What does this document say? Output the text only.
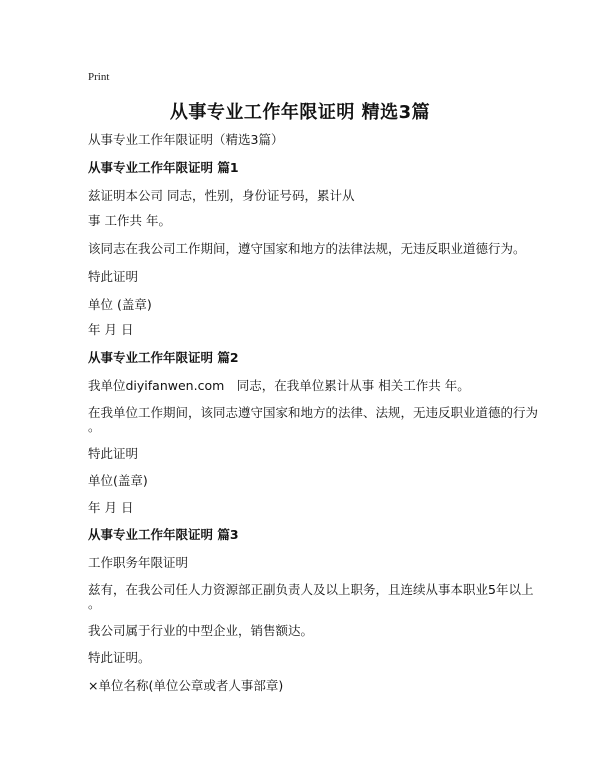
Print
从事专业工作年限证明 精选3篇
从事专业工作年限证明（精选3篇）
从事专业工作年限证明 篇1
兹证明本公司 同志，性别，身份证号码，累计从
事 工作共 年。
该同志在我公司工作期间，遵守国家和地方的法律法规，无违反职业道德行为。
特此证明
单位 (盖章)
年 月 日
从事专业工作年限证明 篇2
我单位diyifanwen.com　同志，在我单位累计从事 相关工作共 年。
在我单位工作期间，该同志遵守国家和地方的法律、法规，无违反职业道德的行为
。
特此证明
单位(盖章)
年 月 日
从事专业工作年限证明 篇3
工作职务年限证明
兹有，在我公司任人力资源部正副负责人及以上职务，且连续从事本职业5年以上
。
我公司属于行业的中型企业，销售额达。
特此证明。
×单位名称(单位公章或者人事部章)
